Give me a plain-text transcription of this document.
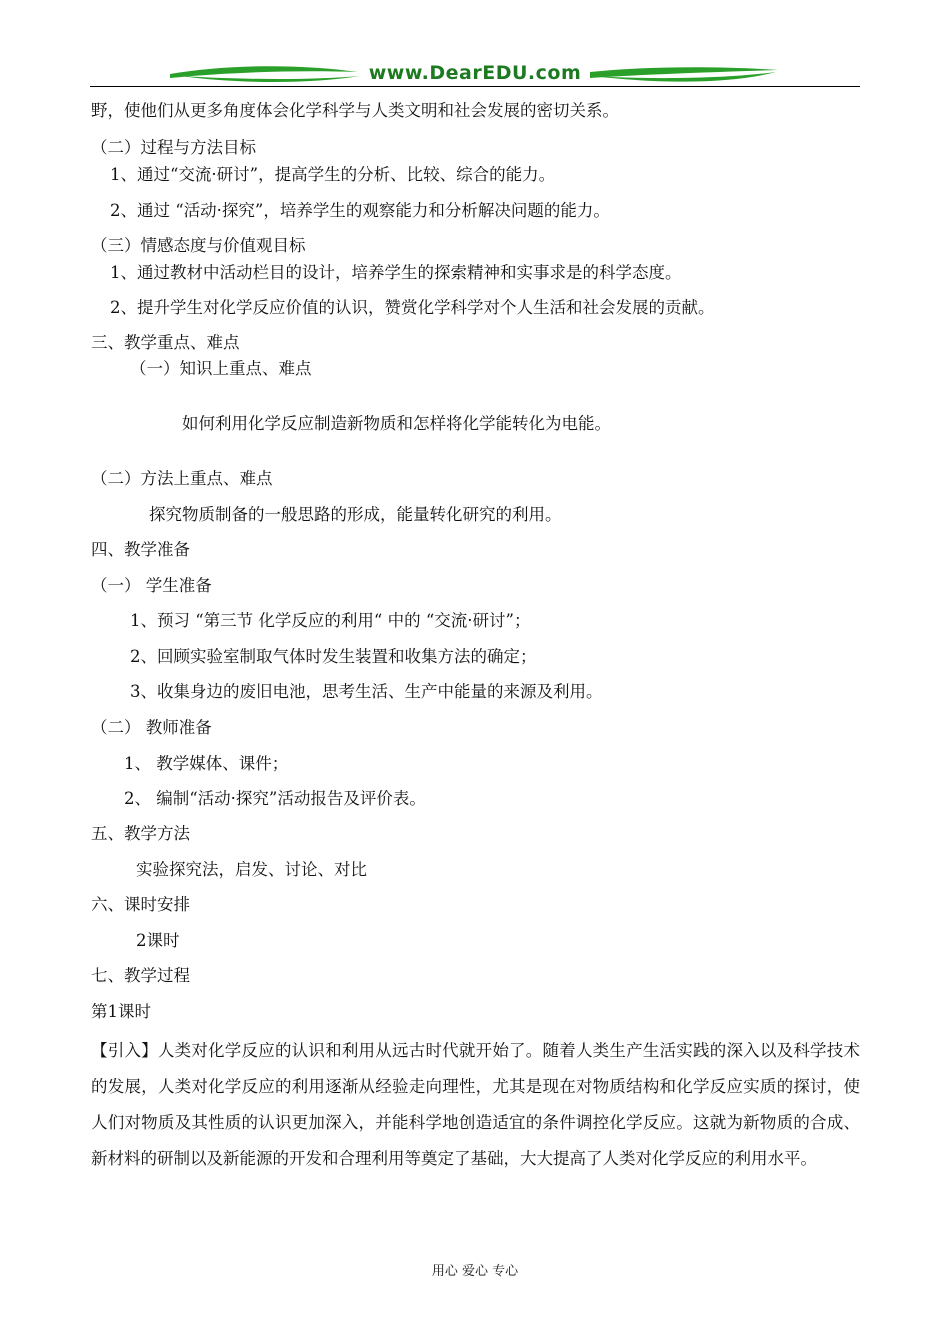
www.DearEDU.com
野，使他们从更多角度体会化学科学与人类文明和社会发展的密切关系。
（二）过程与方法目标
1、通过“交流·研讨”，提高学生的分析、比较、综合的能力。
2、通过 “活动·探究”，培养学生的观察能力和分析解决问题的能力。
（三）情感态度与价值观目标
1、通过教材中活动栏目的设计，培养学生的探索精神和实事求是的科学态度。
2、提升学生对化学反应价值的认识，赞赏化学科学对个人生活和社会发展的贡献。
三、教学重点、难点
（一）知识上重点、难点
如何利用化学反应制造新物质和怎样将化学能转化为电能。
（二）方法上重点、难点
探究物质制备的一般思路的形成，能量转化研究的利用。
四、教学准备
（一） 学生准备
1、预习 “第三节 化学反应的利用“ 中的 “交流·研讨”；
2、回顾实验室制取气体时发生装置和收集方法的确定；
3、收集身边的废旧电池，思考生活、生产中能量的来源及利用。
（二） 教师准备
1、 教学媒体、课件；
2、 编制“活动·探究”活动报告及评价表。
五、教学方法
实验探究法，启发、讨论、对比
六、课时安排
2课时
七、教学过程
第1课时

【引入】人类对化学反应的认识和利用从远古时代就开始了。随着人类生产生活实践的深入以及科学技术的发展，人类对化学反应的利用逐渐从经验走向理性，尤其是现在对物质结构和化学反应实质的探讨，使人们对物质及其性质的认识更加深入，并能科学地创造适宜的条件调控化学反应。这就为新物质的合成、新材料的研制以及新能源的开发和合理利用等奠定了基础，大大提高了人类对化学反应的利用水平。

用心 爱心 专心
